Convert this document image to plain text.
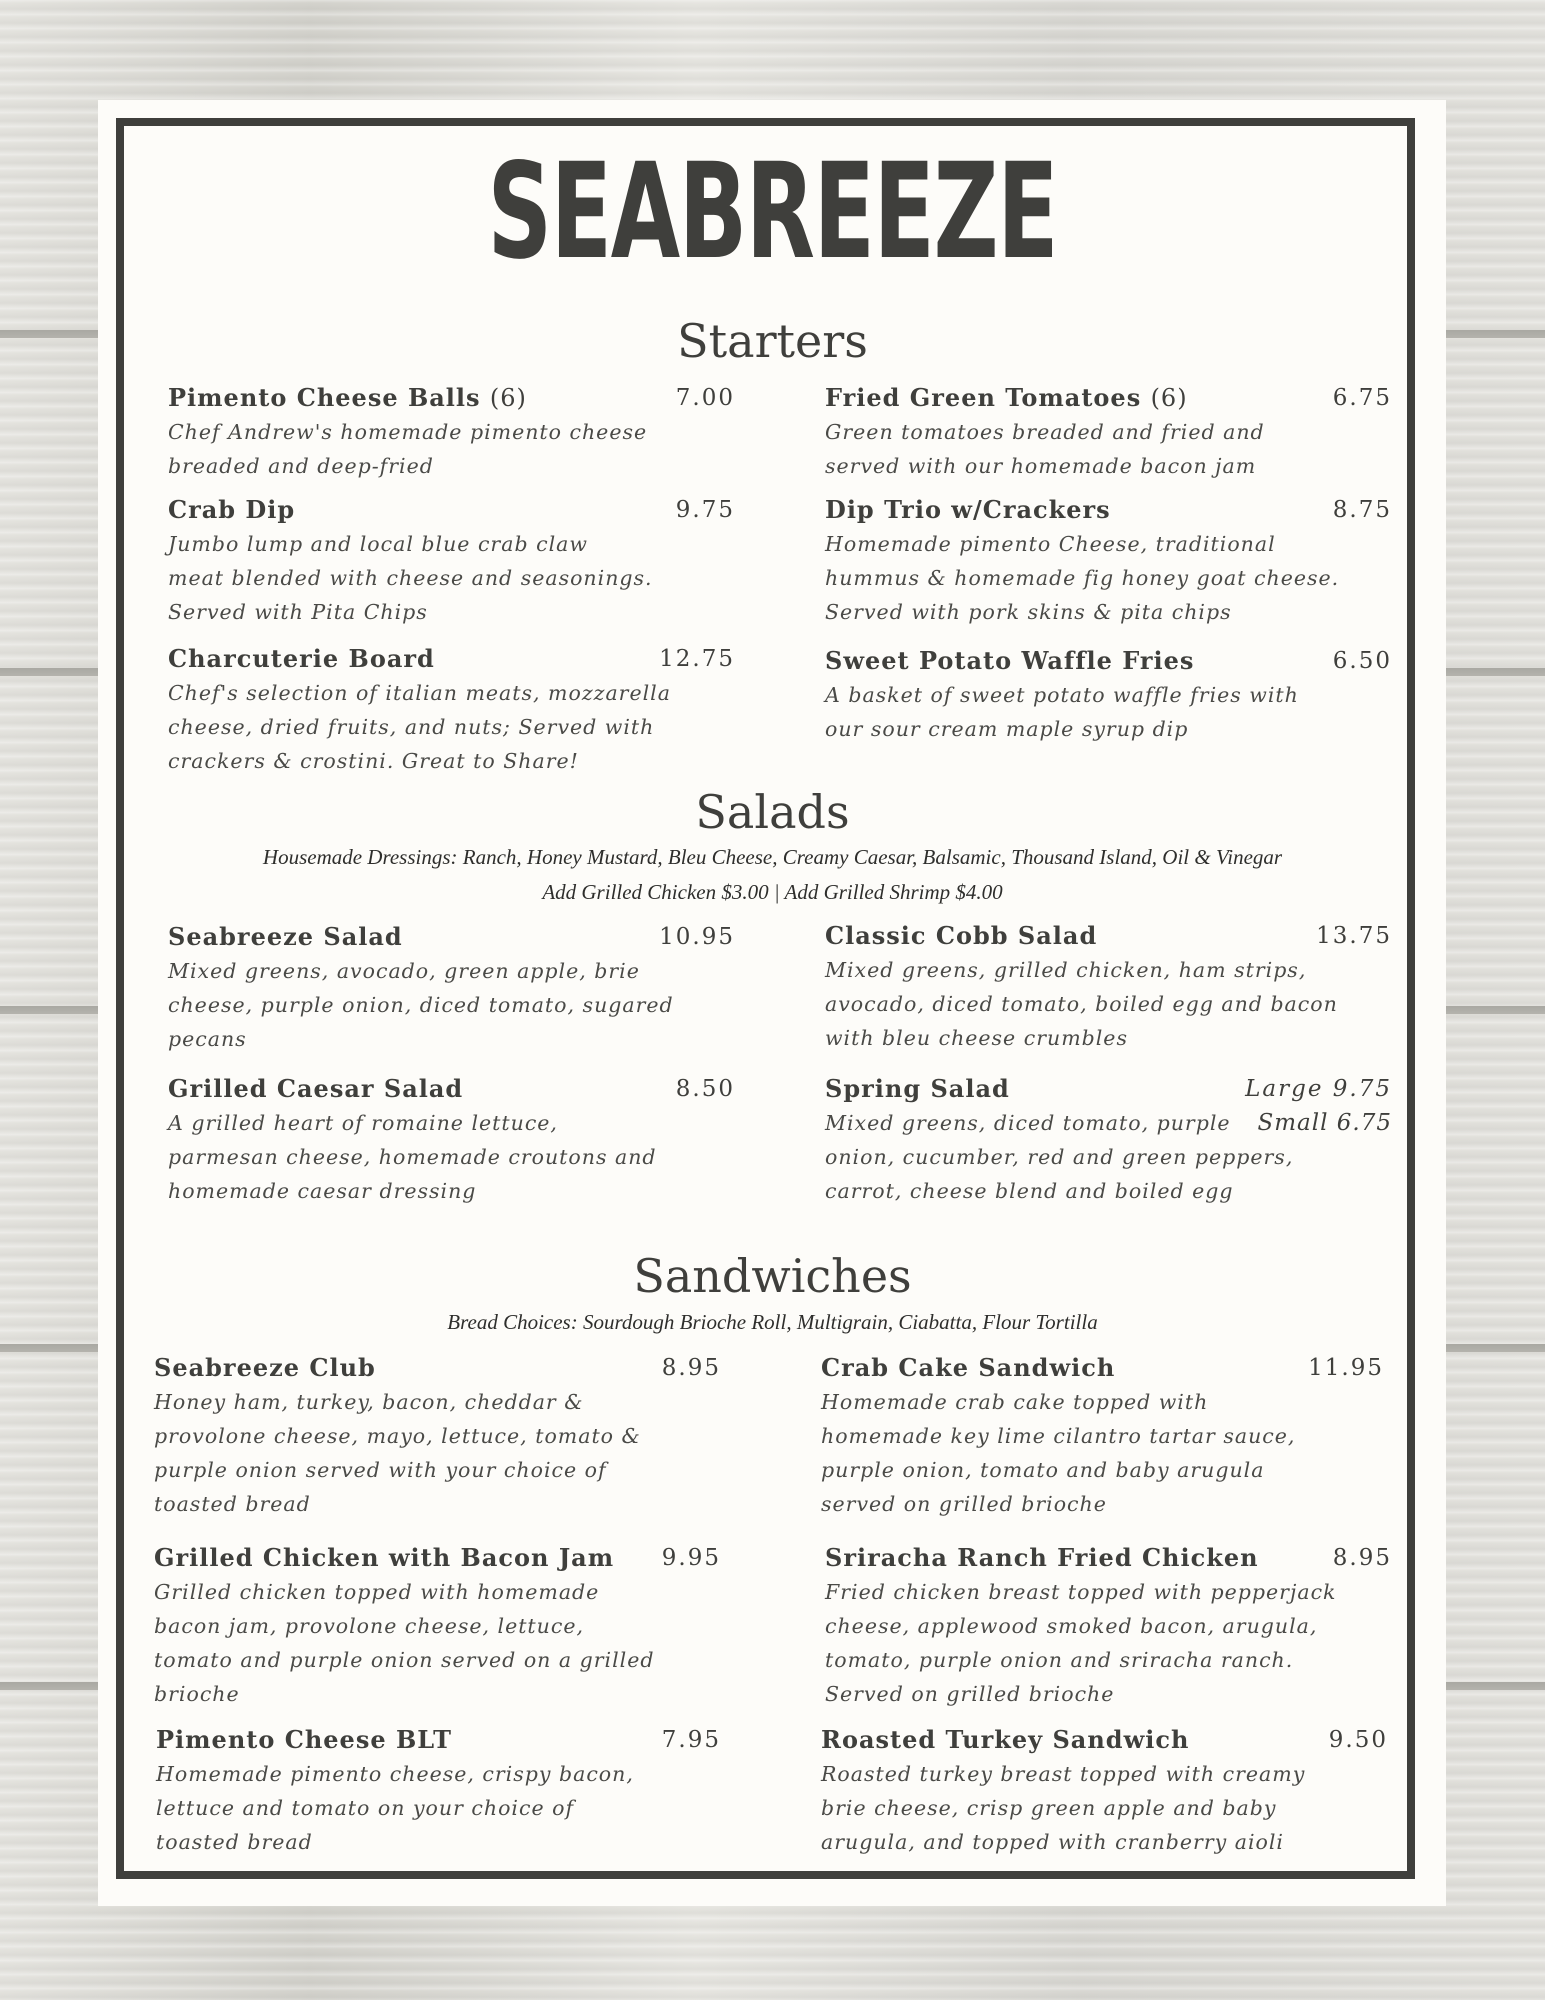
SEABREEZE
Starters
Pimento Cheese Balls (6)	7.00

Chef Andrew's homemade pimento cheese
breaded and deep-fried

Fried Green Tomatoes (6)	6.75

Green tomatoes breaded and fried and
served with our homemade bacon jam

Crab Dip	9.75

Jumbo lump and local blue crab claw
meat blended with cheese and seasonings.
Served with Pita Chips

Dip Trio w/Crackers	8.75

Homemade pimento Cheese, traditional
hummus & homemade fig honey goat cheese.
Served with pork skins & pita chips

Charcuterie Board	12.75

Chef's selection of italian meats, mozzarella
cheese, dried fruits, and nuts; Served with
crackers & crostini. Great to Share!

Sweet Potato Waffle Fries	6.50

A basket of sweet potato waffle fries with
our sour cream maple syrup dip

Salads

Housemade Dressings: Ranch, Honey Mustard, Bleu Cheese, Creamy Caesar, Balsamic, Thousand Island, Oil & Vinegar

Add Grilled Chicken $3.00 | Add Grilled Shrimp $4.00

Seabreeze Salad	10.95

Mixed greens, avocado, green apple, brie
cheese, purple onion, diced tomato, sugared
pecans

Classic Cobb Salad	13.75

Mixed greens, grilled chicken, ham strips,
avocado, diced tomato, boiled egg and bacon
with bleu cheese crumbles

Grilled Caesar Salad	8.50

A grilled heart of romaine lettuce,
parmesan cheese, homemade croutons and
homemade caesar dressing

Spring Salad	Large 9.75
Small 6.75

Mixed greens, diced tomato, purple
onion, cucumber, red and green peppers,
carrot, cheese blend and boiled egg

Sandwiches

Bread Choices: Sourdough Brioche Roll, Multigrain, Ciabatta, Flour Tortilla

Seabreeze Club	8.95

Honey ham, turkey, bacon, cheddar &
provolone cheese, mayo, lettuce, tomato &
purple onion served with your choice of
toasted bread

Crab Cake Sandwich	11.95

Homemade crab cake topped with
homemade key lime cilantro tartar sauce,
purple onion, tomato and baby arugula
served on grilled brioche

Grilled Chicken with Bacon Jam 9.95

Grilled chicken topped with homemade
bacon jam, provolone cheese, lettuce,
tomato and purple onion served on a grilled
brioche

Sriracha Ranch Fried Chicken	8.95

Fried chicken breast topped with pepperjack
cheese, applewood smoked bacon, arugula,
tomato, purple onion and sriracha ranch.
Served on grilled brioche

Pimento Cheese BLT	7.95

Homemade pimento cheese, crispy bacon,
lettuce and tomato on your choice of
toasted bread

Roasted Turkey Sandwich	9.50

Roasted turkey breast topped with creamy
brie cheese, crisp green apple and baby
arugula, and topped with cranberry aioli
